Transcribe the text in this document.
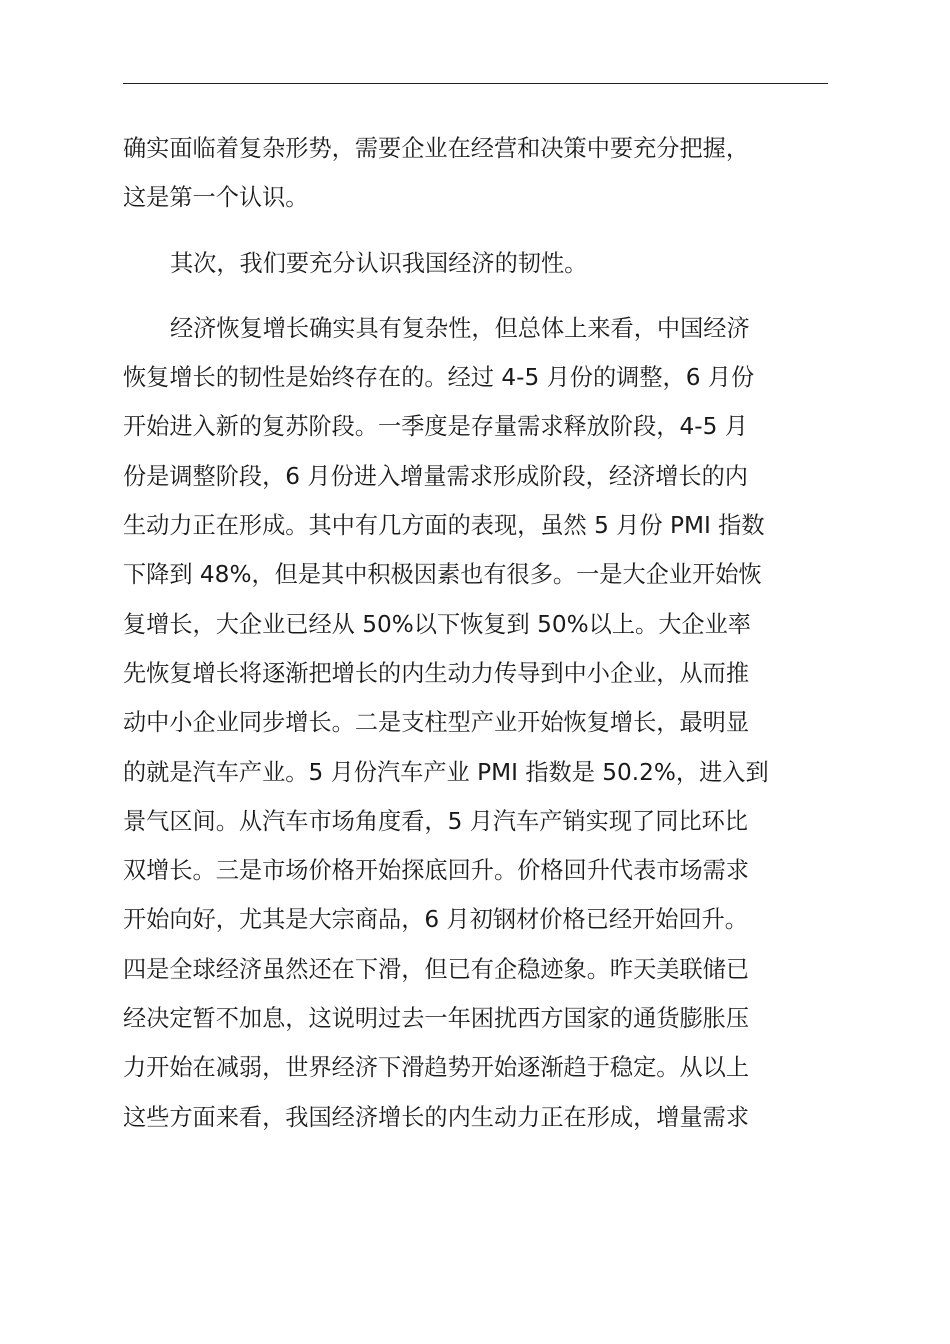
确实面临着复杂形势，需要企业在经营和决策中要充分把握，
这是第一个认识。
其次，我们要充分认识我国经济的韧性。
经济恢复增长确实具有复杂性，但总体上来看，中国经济
恢复增长的韧性是始终存在的。经过 4-5 月份的调整，6 月份
开始进入新的复苏阶段。一季度是存量需求释放阶段，4-5 月
份是调整阶段，6 月份进入增量需求形成阶段，经济增长的内
生动力正在形成。其中有几方面的表现，虽然 5 月份 PMI 指数
下降到 48%，但是其中积极因素也有很多。一是大企业开始恢
复增长，大企业已经从 50%以下恢复到 50%以上。大企业率
先恢复增长将逐渐把增长的内生动力传导到中小企业，从而推
动中小企业同步增长。二是支柱型产业开始恢复增长，最明显
的就是汽车产业。5 月份汽车产业 PMI 指数是 50.2%，进入到
景气区间。从汽车市场角度看，5 月汽车产销实现了同比环比
双增长。三是市场价格开始探底回升。价格回升代表市场需求
开始向好，尤其是大宗商品，6 月初钢材价格已经开始回升。
四是全球经济虽然还在下滑，但已有企稳迹象。昨天美联储已
经决定暂不加息，这说明过去一年困扰西方国家的通货膨胀压
力开始在减弱，世界经济下滑趋势开始逐渐趋于稳定。从以上
这些方面来看，我国经济增长的内生动力正在形成，增量需求
